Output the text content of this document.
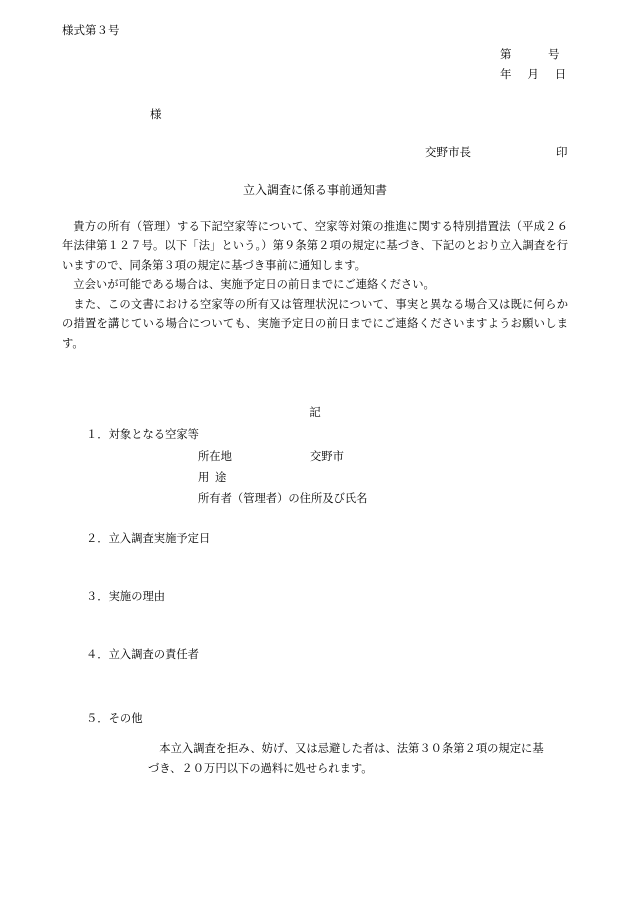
様式第３号
第　　　号
年　 月　 日
様
交野市長	印
立入調査に係る事前通知書

貴方の所有（管理）する下記空家等について、空家等対策の推進に関する特別措置法（平成２６年法律第１２７号。以下「法」という。）第９条第２項の規定に基づき、下記のとおり立入調査を行いますので、同条第３項の規定に基づき事前に通知します。

立会いが可能である場合は、実施予定日の前日までにご連絡ください。

また、この文書における空家等の所有又は管理状況について、事実と異なる場合又は既に何らかの措置を講じている場合についても、実施予定日の前日までにご連絡くださいますようお願いします。

記
１．対象となる空家等
所在地	交野市
用  途
所有者（管理者）の住所及び氏名
２．立入調査実施予定日
３．実施の理由
４．立入調査の責任者
５．その他

本立入調査を拒み、妨げ、又は忌避した者は、法第３０条第２項の規定に基づき、２０万円以下の過料に処せられます。
